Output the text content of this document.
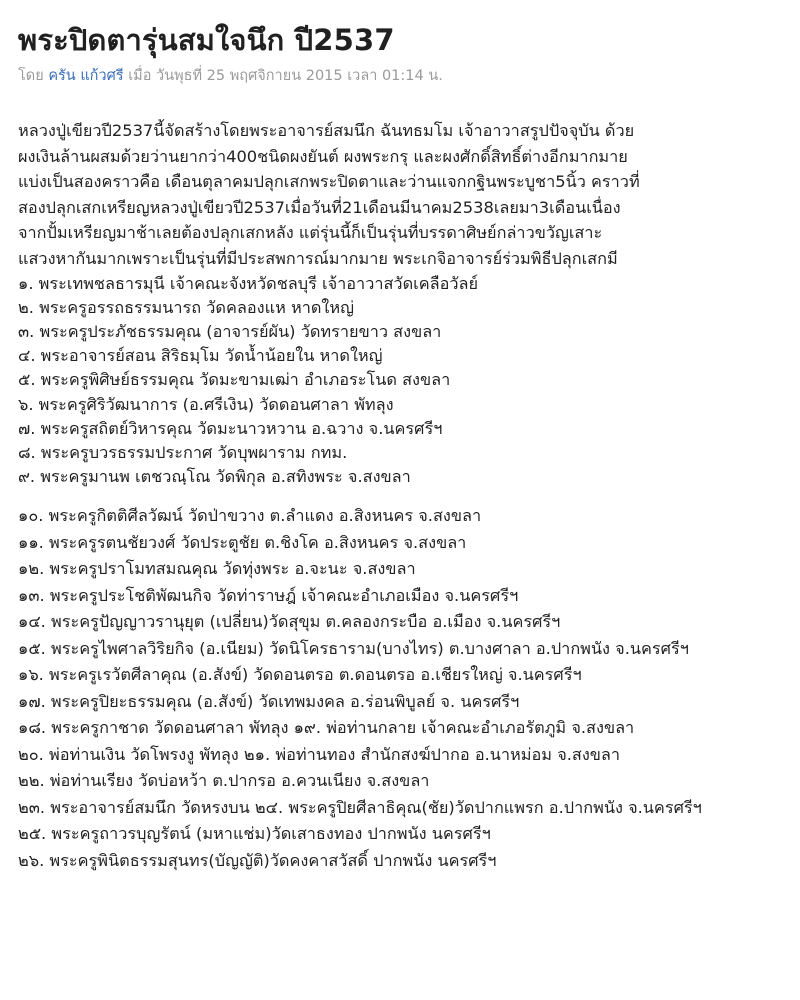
พระปิดตารุ่นสมใจนึก ปี2537
โดย ครัน แก้วศรี เมื่อ วันพุธที่ 25 พฤศจิกายน 2015 เวลา 01:14 น.
หลวงปู่เขียวปี2537นี้จัดสร้างโดยพระอาจารย์สมนึก ฉันทธมโม เจ้าอาวาสรูปปัจจุบัน ด้วย
ผงเงินล้านผสมด้วยว่านยากว่า400ชนิดผงยันต์ ผงพระกรุ และผงศักดิ์สิทธิ์ต่างอีกมากมาย
แบ่งเป็นสองคราวคือ เดือนตุลาคมปลุกเสกพระปิดตาและว่านแจกกฐินพระบูชา5นิ้ว คราวที่
สองปลุกเสกเหรียญหลวงปู่เขียวปี2537เมื่อวันที่21เดือนมีนาคม2538เลยมา3เดือนเนื่อง
จากปั้มเหรียญมาช้าเลยต้องปลุกเสกหลัง แต่รุ่นนี้ก็เป็นรุ่นที่บรรดาศิษย์กล่าวขวัญเสาะ
แสวงหากันมากเพราะเป็นรุ่นที่มีประสพการณ์มากมาย พระเกจิอาจารย์ร่วมพิธีปลุกเสกมี
๑. พระเทพชลธารมุนี เจ้าคณะจังหวัดชลบุรี เจ้าอาวาสวัดเคลือวัลย์
๒. พระครูอรรถธรรมนารถ วัดคลองแห หาดใหญ่
๓. พระครูประภัชธรรมคุณ (อาจารย์ผัน) วัดทรายขาว สงขลา
๔. พระอาจารย์สอน สิริธมฺโม วัดน้ำน้อยใน หาดใหญ่
๕. พระครูพิศิษย์ธรรมคุณ วัดมะขามเฒ่า อำเภอระโนด สงขลา
๖. พระครูศิริวัฒนาการ (อ.ศรีเงิน) วัดดอนศาลา พัทลุง
๗. พระครูสถิตย์วิหารคุณ วัดมะนาวหวาน อ.ฉวาง จ.นครศรีฯ
๘. พระครูบวรธรรมประกาศ วัดบุพผาราม กทม.
๙. พระครูมานพ เตชวณฺโณ วัดพิกุล อ.สทิงพระ จ.สงขลา
๑๐. พระครูกิตติศีลวัฒน์ วัดป่าขวาง ต.ลำแดง อ.สิงหนคร จ.สงขลา
๑๑. พระครูรตนชัยวงศ์ วัดประตูชัย ต.ชิงโค อ.สิงหนคร จ.สงขลา
๑๒. พระครูปราโมทสมณคุณ วัดทุ่งพระ อ.จะนะ จ.สงขลา
๑๓. พระครูประโชติพัฒนกิจ วัดท่าราษฎ์ เจ้าคณะอำเภอเมือง จ.นครศรีฯ
๑๔. พระครูปัญญาวรานุยุต (เปลี่ยน)วัดสุขุม ต.คลองกระบือ อ.เมือง จ.นครศรีฯ
๑๕. พระครูไพศาลวิริยกิจ (อ.เนียม) วัดนิโครธาราม(บางไทร) ต.บางศาลา อ.ปากพนัง จ.นครศรีฯ
๑๖. พระครูเรวัตศีลาคุณ (อ.สังข์) วัดดอนตรอ ต.ดอนตรอ อ.เชียรใหญ่ จ.นครศรีฯ
๑๗. พระครูปิยะธรรมคุณ (อ.สังข์) วัดเทพมงคล อ.ร่อนพิบูลย์ จ. นครศรีฯ
๑๘. พระครูกาชาด วัดดอนศาลา พัทลุง ๑๙. พ่อท่านกลาย เจ้าคณะอำเภอรัตภูมิ จ.สงขลา
๒๐. พ่อท่านเงิน วัดโพรงงู พัทลุง ๒๑. พ่อท่านทอง สำนักสงฆ์ปากอ อ.นาหม่อม จ.สงขลา
๒๒. พ่อท่านเรียง วัดบ่อหว้า ต.ปากรอ อ.ควนเนียง จ.สงขลา
๒๓. พระอาจารย์สมนึก วัดหรงบน ๒๔. พระครูปิยศีลาธิคุณ(ชัย)วัดปากแพรก อ.ปากพนัง จ.นครศรีฯ
๒๕. พระครูถาวรบุญรัตน์ (มหาแช่ม)วัดเสาธงทอง ปากพนัง นครศรีฯ
๒๖. พระครูพินิตธรรมสุนทร(บัญญัติ)วัดคงคาสวัสดิ์ ปากพนัง นครศรีฯ
